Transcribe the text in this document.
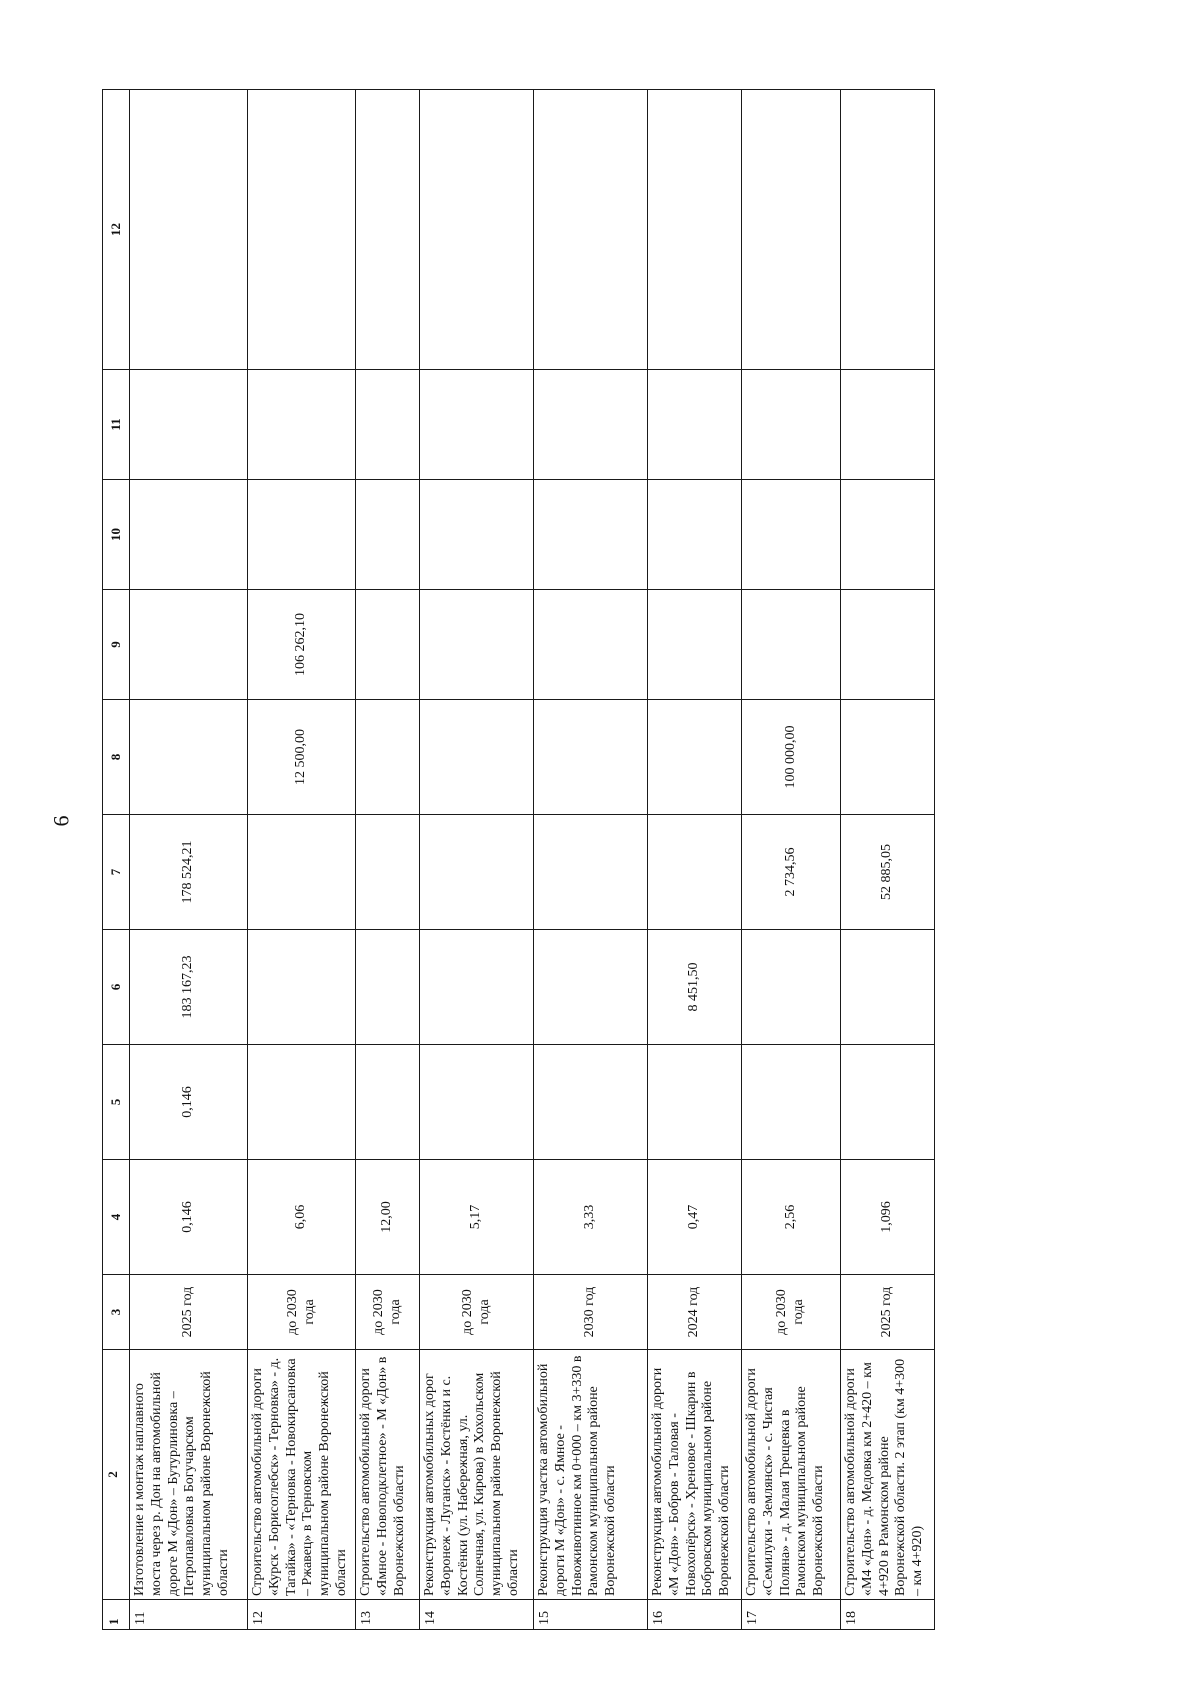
6
1	2	3	4	5	6	7	8	9	10	11	12
11	Изготовление и монтаж наплавного моста через р. Дон на автомобильной дороге М «Дон» – Бутурлиновка – Петропавловка в Богучарском муниципальном районе Воронежской области	2025 год	0,146	0,146	183 167,23	178 524,21					
12	Строительство автомобильной дороги «Курск - Борисоглебск» - Терновка» - д. Тагайка» - «Терновка - Новокирсановка – Ржавец» в Терновском муниципальном районе Воронежской области	до 2030 года	6,06				12 500,00	106 262,10			
13	Строительство автомобильной дороги «Ямное - Новоподклетное» - М «Дон» в Воронежской области	до 2030 года	12,00								
14	Реконструкция автомобильных дорог «Воронеж - Луганск» - Костёнки и с. Костёнки (ул. Набережная, ул. Солнечная, ул. Кирова) в Хохольском муниципальном районе Воронежской области	до 2030 года	5,17								
15	Реконструкция участка автомобильной дороги М «Дон» - с. Ямное - Новоживотинное км 0+000 – км 3+330 в Рамонском муниципальном районе Воронежской области	2030 год	3,33								
16	Реконструкция автомобильной дороги «М «Дон» - Бобров - Таловая - Новохопёрск» - Хреновое - Шкарин в Бобровском муниципальном районе Воронежской области	2024 год	0,47		8 451,50						
17	Строительство автомобильной дороги «Семилуки - Землянск» - с. Чистая Поляна» - д. Малая Трещевка в Рамонском муниципальном районе Воронежской области	до 2030 года	2,56			2 734,56	100 000,00				
18	Строительство автомобильной дороги «М4 «Дон» - д. Медовка км 2+420 – км 4+920 в Рамонском районе Воронежской области. 2 этап (км 4+300 – км 4+920)	2025 год	1,096			52 885,05					
